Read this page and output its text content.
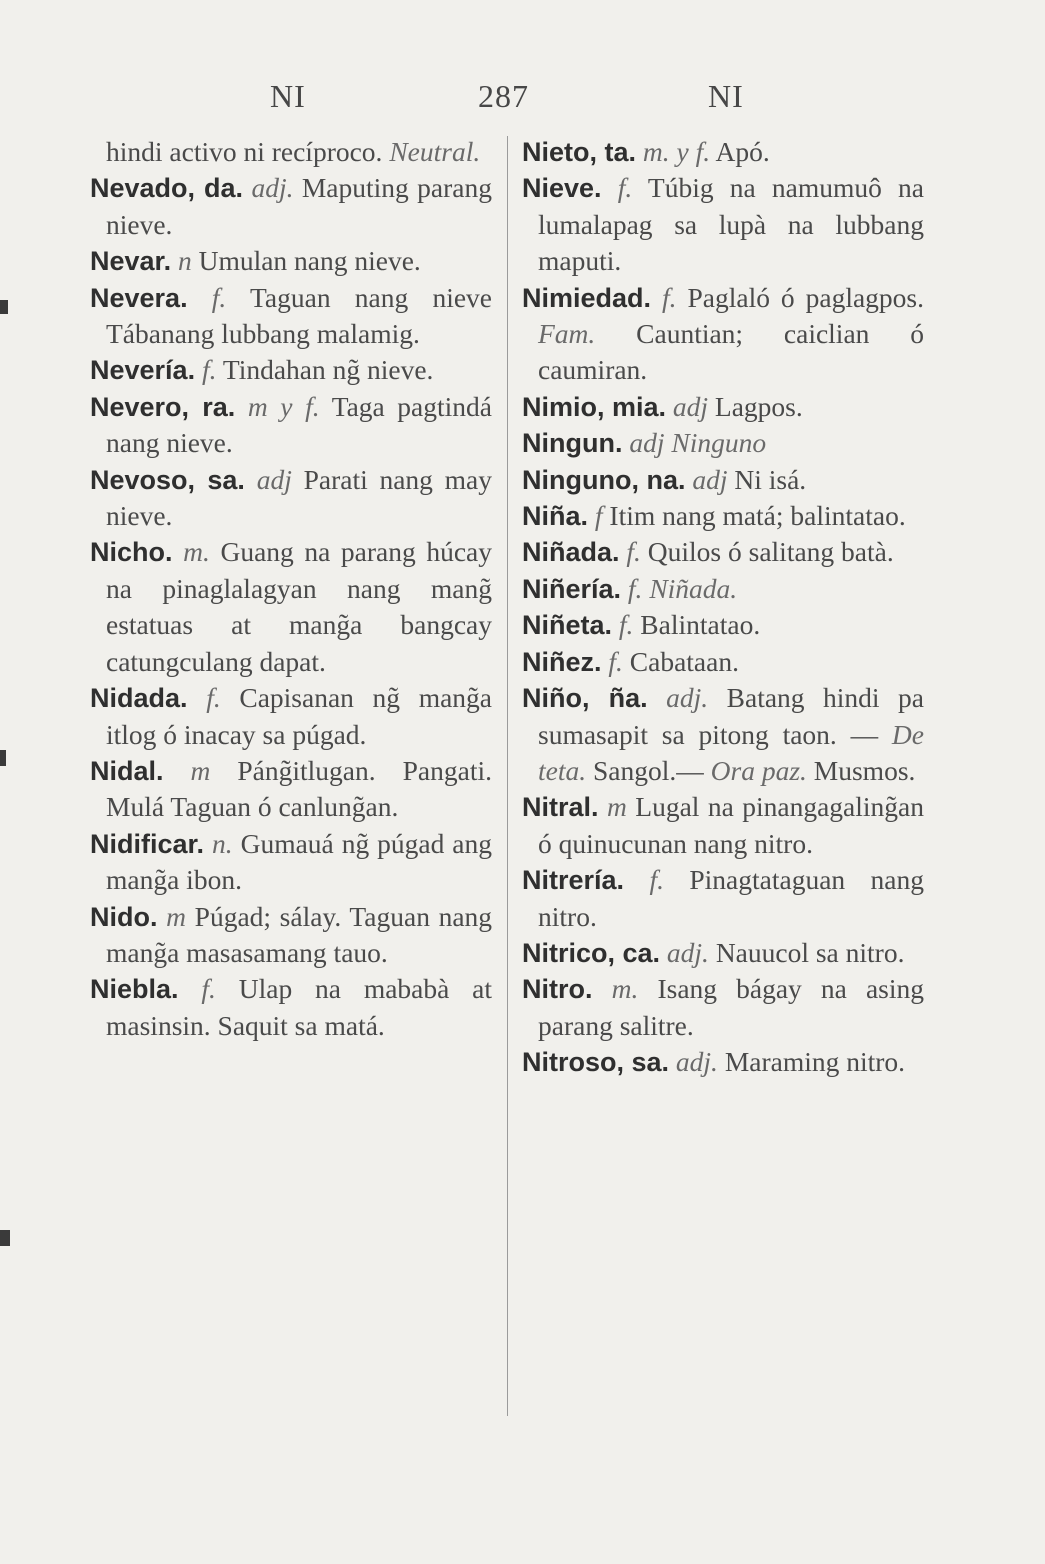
NI	287	NI

hindi activo ni recíproco. Neutral.

Nevado, da. adj. Maputing parang nieve.

Nevar. n Umulan nang nieve.

Nevera. f. Taguan nang nieve Tábanang lubbang malamig.

Nevería. f. Tindahan ng̃ nieve.

Nevero, ra. m y f. Taga pagtindá nang nieve.

Nevoso, sa. adj Parati nang may nieve.

Nicho. m. Guang na parang húcay na pinaglalagyan nang mang̃ estatuas at mang̃a bangcay catungculang dapat.

Nidada. f. Capisanan ng̃ mang̃a itlog ó inacay sa púgad.

Nidal. m Páng̃itlugan. Pangati. Mulá Taguan ó canlung̃an.

Nidificar. n. Gumauá ng̃ púgad ang mang̃a ibon.

Nido. m Púgad; sálay. Taguan nang mang̃a masasamang tauo.

Niebla. f. Ulap na mababà at masinsin. Saquit sa matá.

Nieto, ta. m. y f. Apó.

Nieve. f. Túbig na namumuô na lumalapag sa lupà na lubbang maputi.

Nimiedad. f. Paglaló ó paglagpos. Fam. Cauntian; caiclian ó caumiran.

Nimio, mia. adj Lagpos.

Ningun. adj Ninguno

Ninguno, na. adj Ni isá.

Niña. f Itim nang matá; balintatao.

Niñada. f. Quilos ó salitang batà.

Niñería. f. Niñada.

Niñeta. f. Balintatao.

Niñez. f. Cabataan.

Niño, ña. adj. Batang hindi pa sumasapit sa pitong taon. — De teta. Sangol.— Ora paz. Musmos.

Nitral. m Lugal na pinangagaling̃an ó quinucunan nang nitro.

Nitrería. f. Pinagtataguan nang nitro.

Nitrico, ca. adj. Nauucol sa nitro.

Nitro. m. Isang bágay na asing parang salitre.

Nitroso, sa. adj. Maraming nitro.
